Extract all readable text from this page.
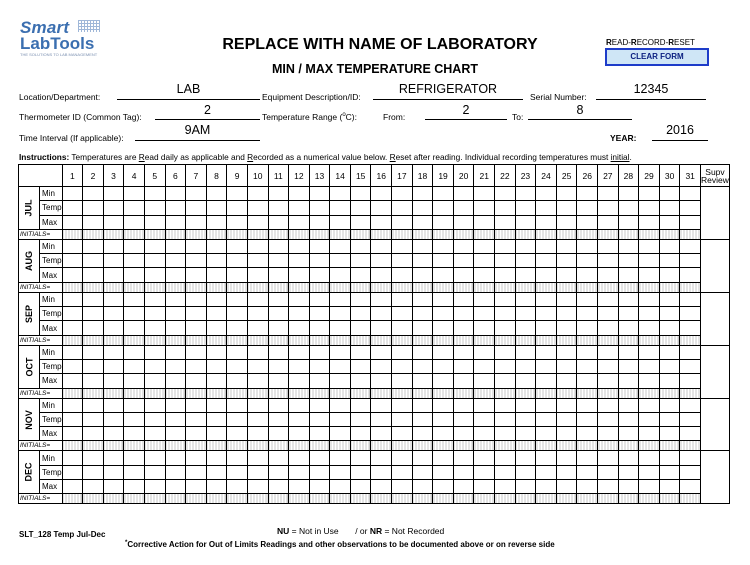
Smart
LabTools
THE SOLUTIONS TO LAB MANAGEMENT
REPLACE WITH NAME OF LABORATORY
MIN / MAX TEMPERATURE CHART
READ-RECORD-RESET
CLEAR FORM
Location/Department:
LAB
Equipment Description/ID:
REFRIGERATOR
Serial Number:
12345
Thermometer ID (Common Tag):	2	Temperature Range ($^o$C):	From:	2	To:	8
Time Interval (If applicable):
9AM
YEAR:
2016
Instructions: Temperatures are Read daily as applicable and Recorded as a numerical value below. Reset after reading. Individual recording temperatures must initial.
		1	2	3	4	5	6	7	8	9	10	11	12	13	14	15	16	17	18	19	20	21	22	23	24	25	26	27	28	29	30	31	Supv
Review

JUL	Min																																
	Temp																																
	Max																																
INITIALS=																																	
AUG	Min																																
	Temp																																
	Max																																
INITIALS=																																	
SEP	Min																																
	Temp																																
	Max																																
INITIALS=																																	
OCT	Min																																
	Temp																																
	Max																																
INITIALS=																																	
NOV	Min																																
	Temp																																
	Max																																
INITIALS=																																	
DEC	Min																																
	Temp																																
	Max																																
INITIALS=																																	
SLT_128 Temp Jul-Dec	NU = Not in Use / or NR = Not Recorded
*Corrective Action for Out of Limits Readings and other observations to be documented above or on reverse side
